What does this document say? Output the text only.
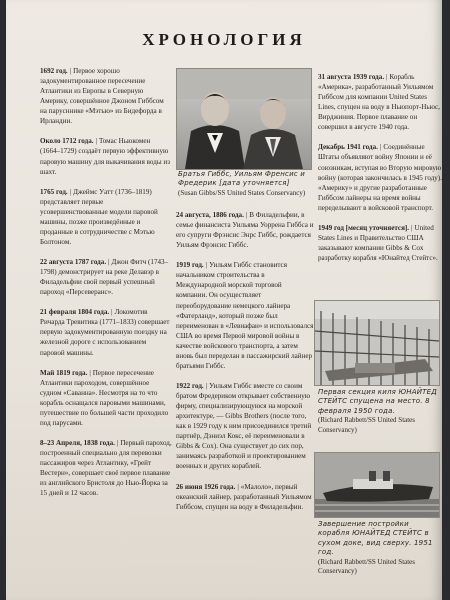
ХРОНОЛОГИЯ
1692 год. | Первое хорошо задокументированное пересечение Атлантики из Европы в Северную Америку, совершённое Джоном Гиббсом на парусннике «Мэтью» из Бидефорда в Ирландии.
Около 1712 года. | Томас Ньюкомен (1664–1729) создаёт первую эффективную паровую машину для выкачивания воды из шахт.
1765 год. | Джеймс Уатт (1736–1819) представляет первые усовершенствованные модели паровой машины, позже произведённые и проданные в сотрудничестве с Мэтью Болтоном.
22 августа 1787 года. | Джон Фитч (1743–1798) демонстрирует на реке Делавэр в Филадельфии свой первый успешный пароход «Персеверанс».
21 февраля 1804 года. | Локомотив Ричарда Тревитика (1771–1833) совершает первую задокументированную поездку на железной дороге с использованием паровой машины.
Май 1819 года. | Первое пересечение Атлантики пароходом, совершённое судном «Саванна». Несмотря на то что корабль оснащался паровыми машинами, путешествие по большей части проходило под парусами.
8–23 Апреля, 1838 года. | Первый пароход, построенный специально для перевозки пассажиров через Атлантику, «Грейт Вестерн», совершает своё первое плавание из английского Бристоля до Нью-Йорка за 15 дней и 12 часов.
Братья Гиббс, Уильям Френсис и Фредерик [дата уточняется]
(Susan Gibbs/SS United States Conservancy)
24 августа, 1886 года. | В Филадельфии, в семье финансиста Уильяма Уоррена Гиббса и его супруги Фрэнсис Энрс Гиббс, рождается Уильям Фрэнсис Гиббс.
1919 год. | Уильям Гиббс становится начальником строительства в Международной морской торговой компании. Он осуществляет переоборудование немецкого лайнера «Фатерланд», который позже был переименован в «Левиафан» и использовался США во время Первой мировой войны в качестве войскового транспорта, а затем вновь был переделан в пассажирский лайнер братьями Гиббс.
1922 год. | Уильям Гиббс вместе со своим братом Фредериком открывает собственную фирму, специализирующуюся на морской архитектуре, — Gibbs Brothers (после того, как в 1929 году к ним присоединился третий партнёр, Дэниэл Кокс, её переименовали в Gibbs & Cox). Она существует до сих пор, занимаясь разработкой и проектированием военных и других кораблей.
26 июня 1926 года. | «Малоло», первый океанский лайнер, разработанный Уильямом Гиббсом, спущен на воду в Филадельфии.
31 августа 1939 года. | Корабль «Америка», разработанный Уильямом Гиббсом для компании United States Lines, спущен на воду в Ньюпорт-Ньюс, Вирджиния. Первое плавание он совершил в августе 1940 года.
Декабрь 1941 года. | Соединённые Штаты объявляют войну Японии и её союзникам, вступая во Вторую мировую войну (которая закончилась в 1945 году). «Америку» и другие разработанные Гиббсом лайнеры на время войны переделывают в войсковой транспорт.
1949 год [месяц уточняется]. | United States Lines и Правительство США заказывают компании Gibbs & Cox разработку корабля «Юнайтед Стейтс».
Первая секция киля ЮНАЙТЕД СТЕЙТС спущена на место. 8 февраля 1950 года.
(Richard Rabbett/SS United States Conservancy)
Завершение постройки корабля ЮНАЙТЕД СТЕЙТС в сухом доке, вид сверху. 1951 год.
(Richard Rabbett/SS United States Conservancy)
